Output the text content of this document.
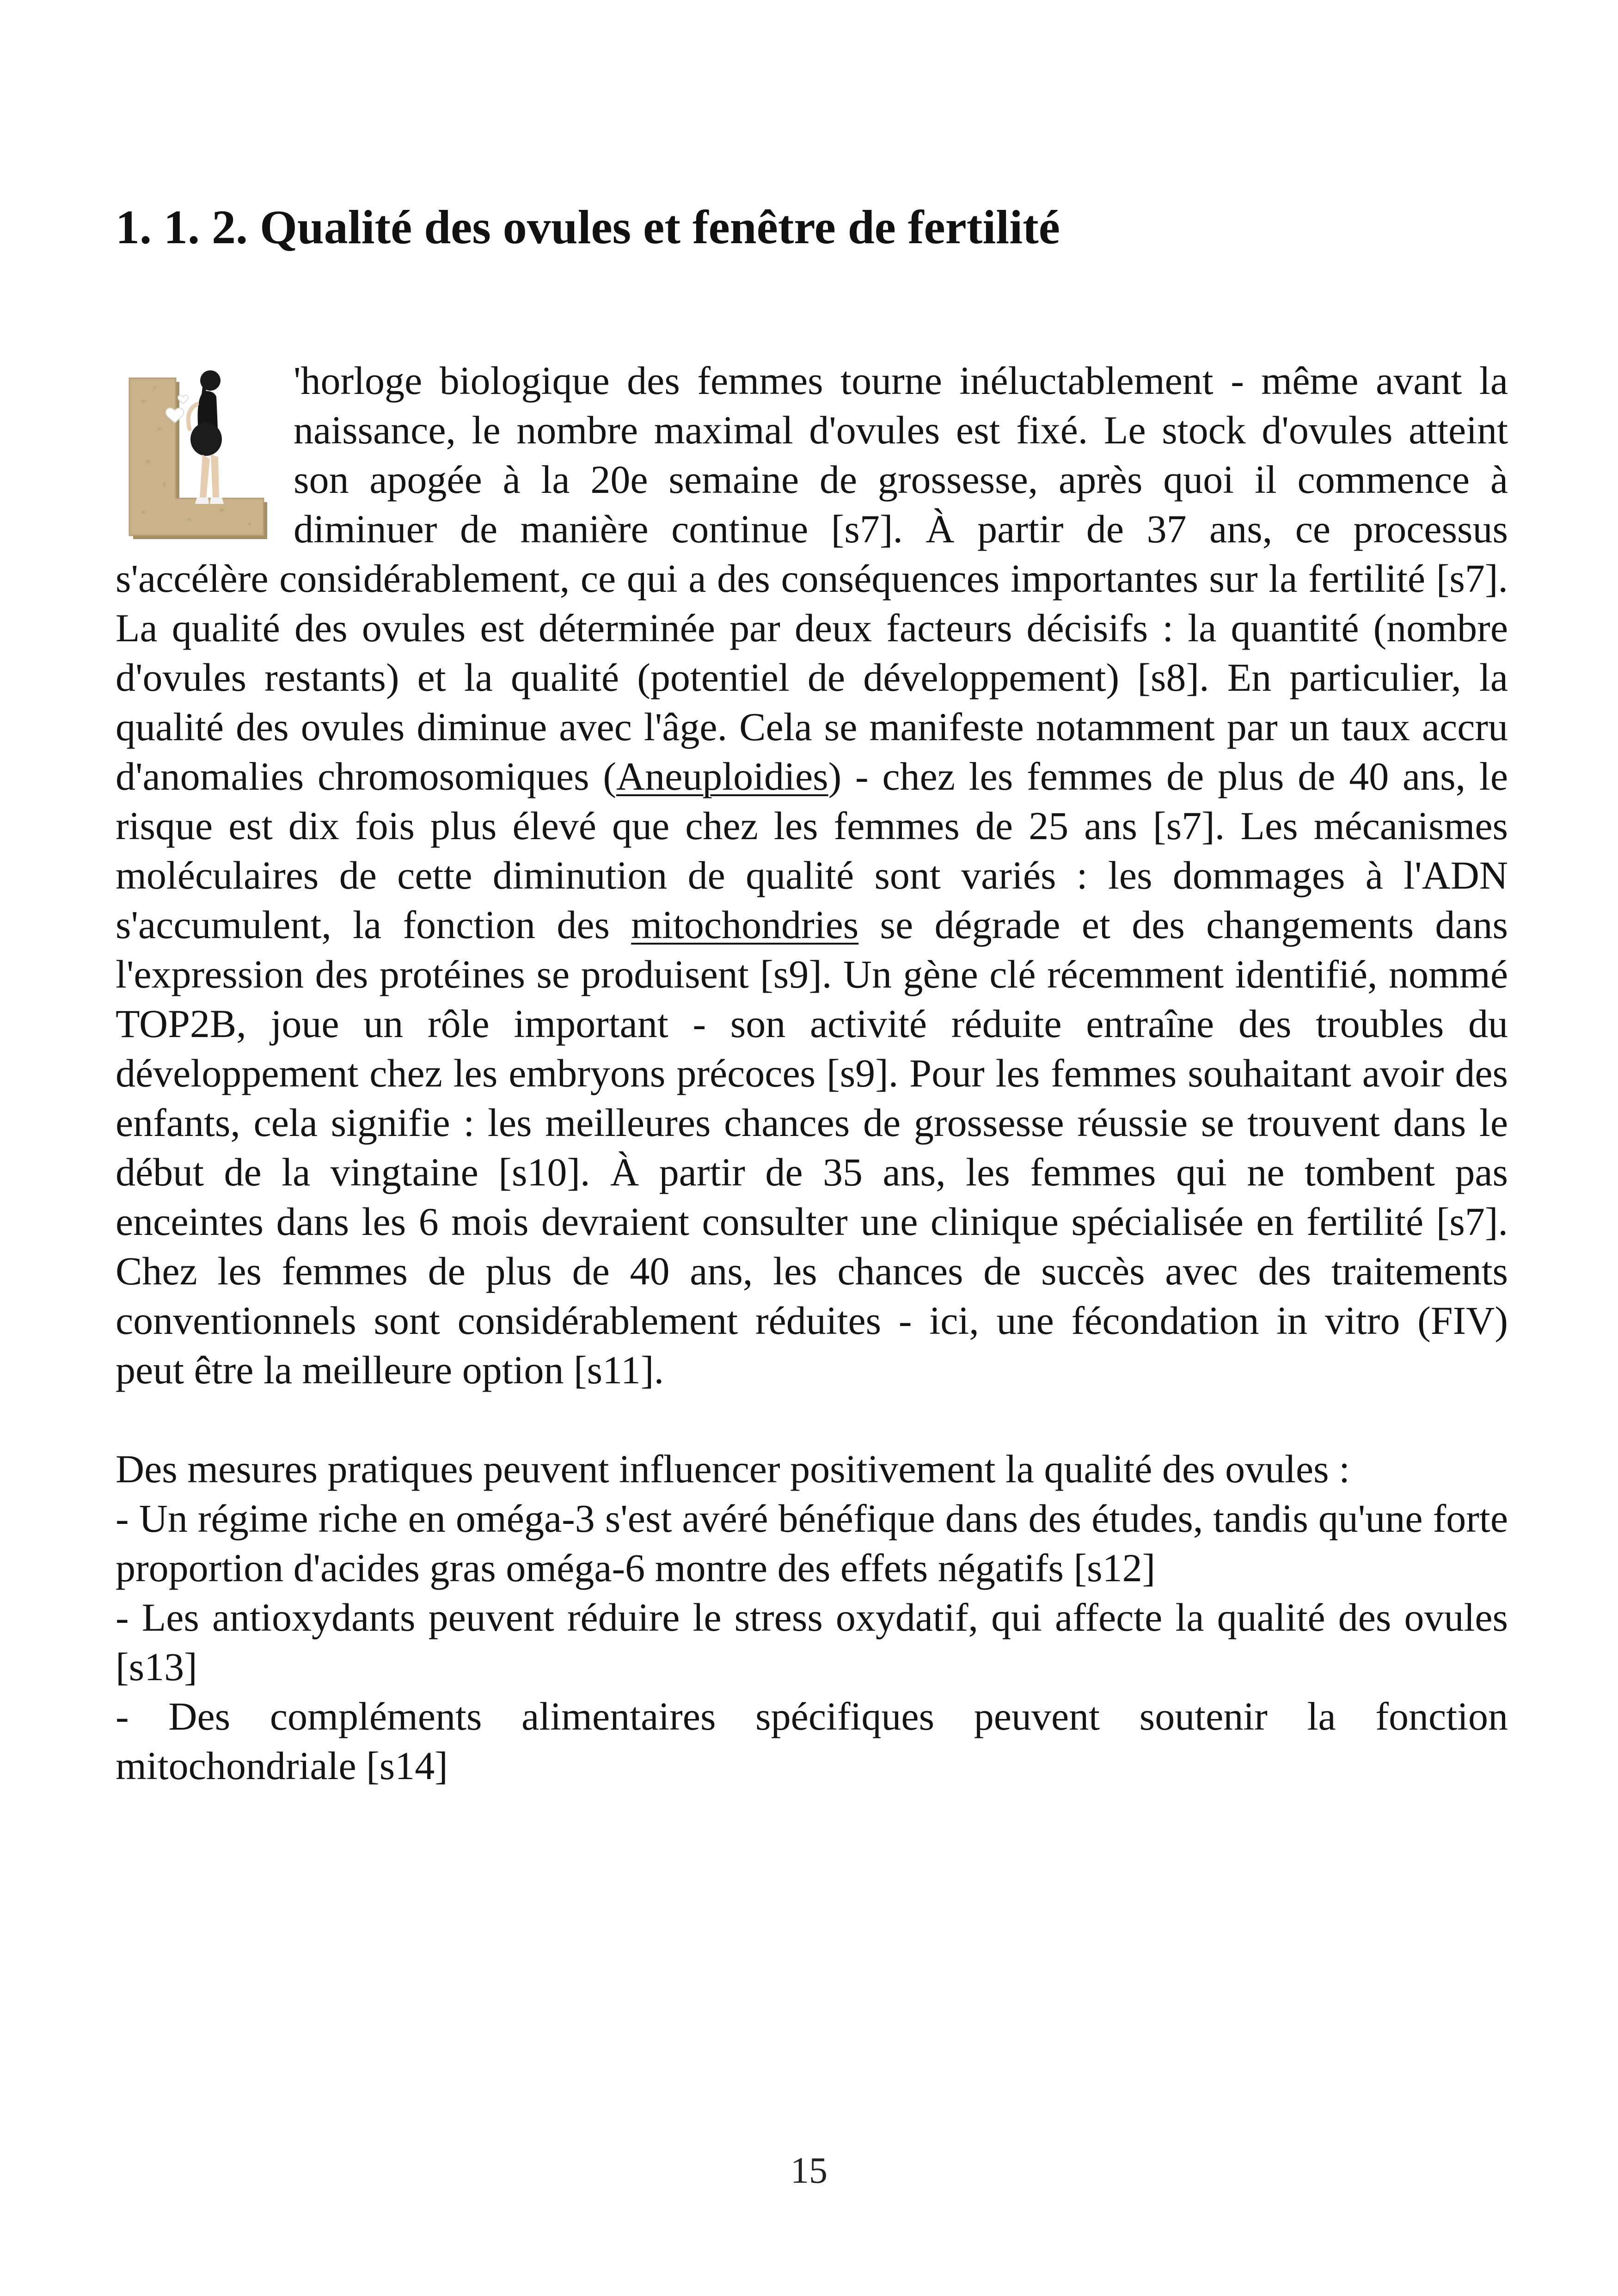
1. 1. 2. Qualité des ovules et fenêtre de fertilité

'horloge biologique des femmes tourne inéluctablement - même avant la naissance, le nombre maximal d'ovules est fixé. Le stock d'ovules atteint son apogée à la 20e semaine de grossesse, après quoi il commence à diminuer de manière continue [s7]. À partir de 37 ans, ce processus s'accélère considérablement, ce qui a des conséquences importantes sur la fertilité [s7]. La qualité des ovules est déterminée par deux facteurs décisifs : la quantité (nombre d'ovules restants) et la qualité (potentiel de développement) [s8]. En particulier, la qualité des ovules diminue avec l'âge. Cela se manifeste notamment par un taux accru d'anomalies chromosomiques (Aneuploidies) - chez les femmes de plus de 40 ans, le risque est dix fois plus élevé que chez les femmes de 25 ans [s7]. Les mécanismes moléculaires de cette diminution de qualité sont variés : les dommages à l'ADN s'accumulent, la fonction des mitochondries se dégrade et des changements dans l'expression des protéines se produisent [s9]. Un gène clé récemment identifié, nommé TOP2B, joue un rôle important - son activité réduite entraîne des troubles du développement chez les embryons précoces [s9]. Pour les femmes souhaitant avoir des enfants, cela signifie : les meilleures chances de grossesse réussie se trouvent dans le début de la vingtaine [s10]. À partir de 35 ans, les femmes qui ne tombent pas enceintes dans les 6 mois devraient consulter une clinique spécialisée en fertilité [s7]. Chez les femmes de plus de 40 ans, les chances de succès avec des traitements conventionnels sont considérablement réduites - ici, une fécondation in vitro (FIV) peut être la meilleure option [s11].

Des mesures pratiques peuvent influencer positivement la qualité des ovules :

- Un régime riche en oméga-3 s'est avéré bénéfique dans des études, tandis qu'une forte proportion d'acides gras oméga-6 montre des effets négatifs [s12]

- Les antioxydants peuvent réduire le stress oxydatif, qui affecte la qualité des ovules [s13]

- Des compléments alimentaires spécifiques peuvent soutenir la fonction mitochondriale [s14]

15
